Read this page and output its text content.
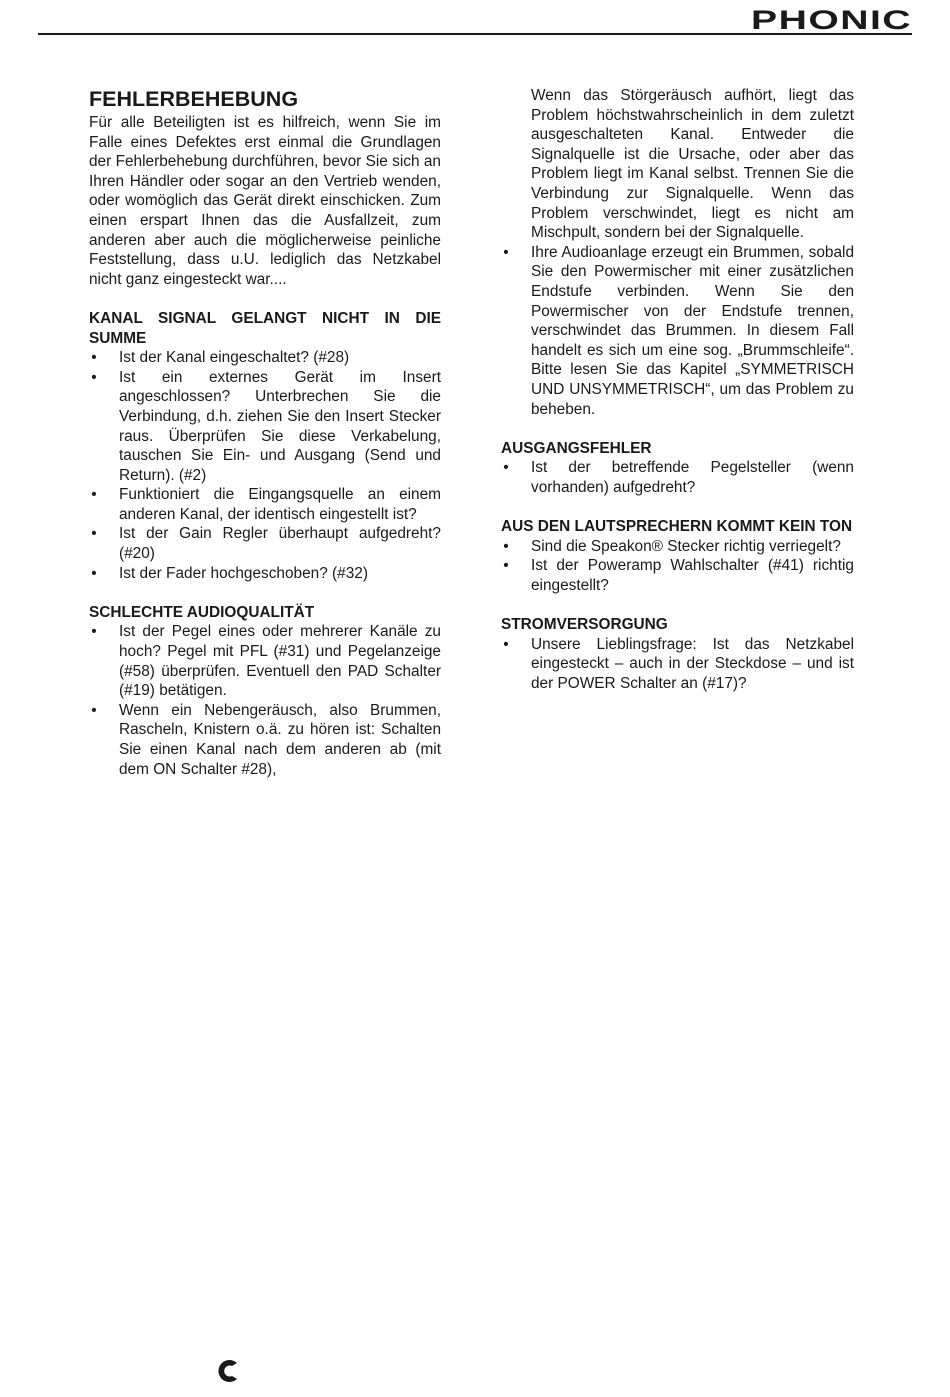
PHONIC
FEHLERBEHEBUNG

Für alle Beteiligten ist es hilfreich, wenn Sie im Falle eines Defektes erst einmal die Grundlagen der Fehlerbehebung durchführen, bevor Sie sich an Ihren Händler oder sogar an den Vertrieb wenden, oder womöglich das Gerät direkt einschicken. Zum einen erspart Ihnen das die Ausfallzeit, zum anderen aber auch die möglicherweise peinliche Feststellung, dass u.U. lediglich das Netzkabel nicht ganz eingesteckt war....

KANAL SIGNAL GELANGT NICHT IN DIE SUMME
• Ist der Kanal eingeschaltet? (#28)
• Ist ein externes Gerät im Insert angeschlossen? Unterbrechen Sie die Verbindung, d.h. ziehen Sie den Insert Stecker raus. Überprüfen Sie diese Verkabelung, tauschen Sie Ein- und Ausgang (Send und Return). (#2)
• Funktioniert die Eingangsquelle an einem anderen Kanal, der identisch eingestellt ist?
• Ist der Gain Regler überhaupt aufgedreht? (#20)
• Ist der Fader hochgeschoben? (#32)
SCHLECHTE AUDIOQUALITÄT
• Ist der Pegel eines oder mehrerer Kanäle zu hoch? Pegel mit PFL (#31) und Pegelanzeige (#58) überprüfen. Eventuell den PAD Schalter (#19) betätigen.
• Wenn ein Nebengeräusch, also Brummen, Rascheln, Knistern o.ä. zu hören ist: Schalten Sie einen Kanal nach dem anderen ab (mit dem ON Schalter #28),

Wenn das Störgeräusch aufhört, liegt das Problem höchstwahrscheinlich in dem zuletzt ausgeschalteten Kanal. Entweder die Signalquelle ist die Ursache, oder aber das Problem liegt im Kanal selbst. Trennen Sie die Verbindung zur Signalquelle. Wenn das Problem verschwindet, liegt es nicht am Mischpult, sondern bei der Signalquelle.

• Ihre Audioanlage erzeugt ein Brummen, sobald Sie den Powermischer mit einer zusätzlichen Endstufe verbinden. Wenn Sie den Powermischer von der Endstufe trennen, verschwindet das Brummen. In diesem Fall handelt es sich um eine sog. „Brummschleife“. Bitte lesen Sie das Kapitel „SYMMETRISCH UND UNSYMMETRISCH“, um das Problem zu beheben.
AUSGANGSFEHLER
• Ist der betreffende Pegelsteller (wenn vorhanden) aufgedreht?
AUS DEN LAUTSPRECHERN KOMMT KEIN TON
• Sind die Speakon® Stecker richtig verriegelt?
• Ist der Poweramp Wahlschalter (#41) richtig eingestellt?
STROMVERSORGUNG
• Unsere Lieblingsfrage: Ist das Netzkabel eingesteckt – auch in der Steckdose – und ist der POWER Schalter an (#17)?
